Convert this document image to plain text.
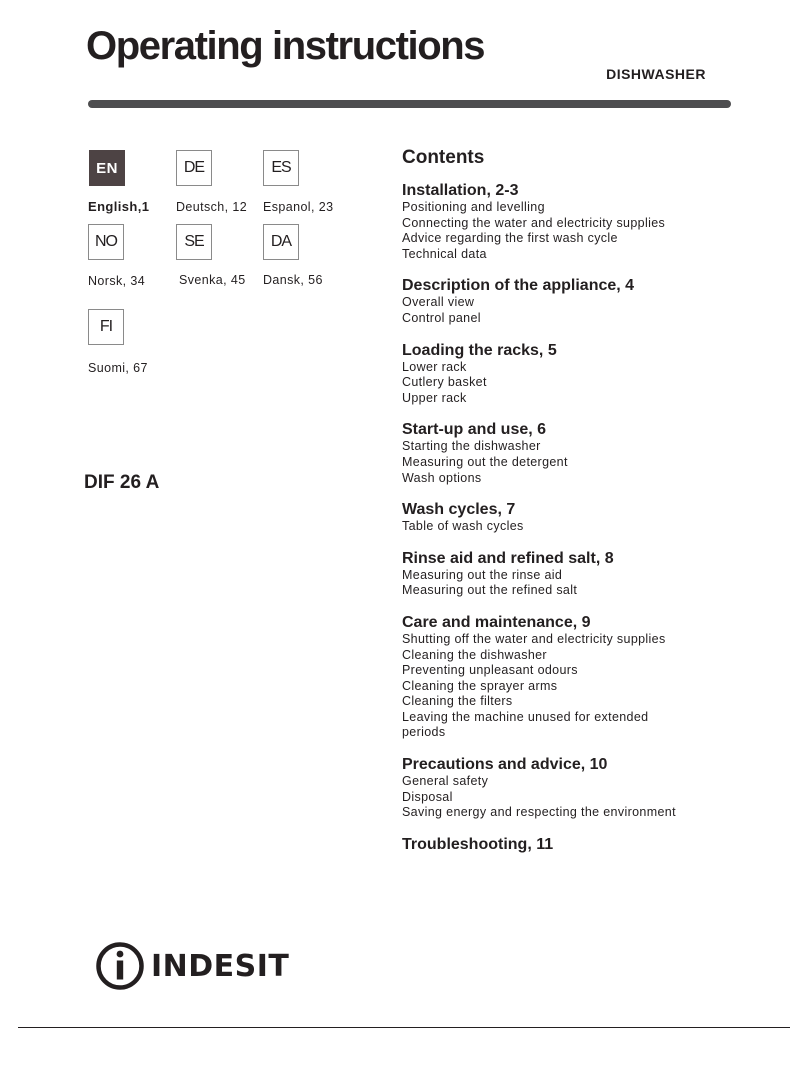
Operating instructions
DISHWASHER
EN
English,1
DE
Deutsch, 12
ES
Espanol, 23
NO
Norsk, 34
SE
Svenka, 45
DA
Dansk, 56
FI
Suomi, 67
DIF 26 A
Contents
Installation, 2-3
Positioning and levelling
Connecting the water and electricity supplies
Advice regarding the first wash cycle
Technical data
Description of the appliance, 4
Overall view
Control panel
Loading the racks, 5
Lower rack
Cutlery basket
Upper rack
Start-up and use, 6
Starting the dishwasher
Measuring out the detergent
Wash options
Wash cycles, 7
Table of wash cycles
Rinse aid and refined salt, 8
Measuring out the rinse aid
Measuring out the refined salt
Care and maintenance, 9
Shutting off the water and electricity supplies
Cleaning the dishwasher
Preventing unpleasant odours
Cleaning the sprayer arms
Cleaning the filters
Leaving the machine unused for extended
periods
Precautions and advice, 10
General safety
Disposal
Saving energy and respecting the environment
Troubleshooting, 11
INDESIT
